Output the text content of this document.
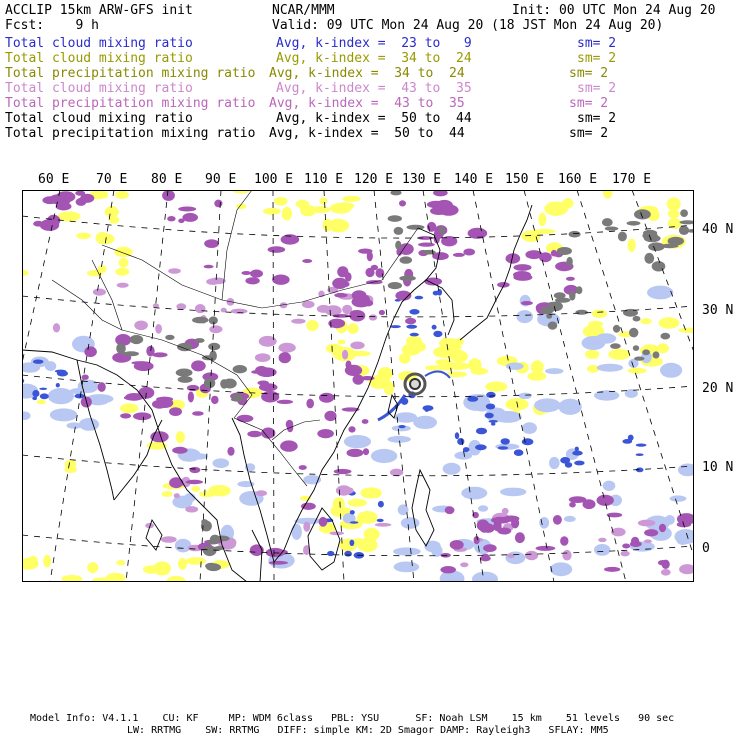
ACCLIP 15km ARW-GFS init	NCAR/MMM	Init: 00 UTC Mon 24 Aug 20
Fcst:    9 h	Valid: 09 UTC Mon 24 Aug 20 (18 JST Mon 24 Aug 20)
Total cloud mixing ratio	Avg, k-index =  23 to   9	sm= 2
Total cloud mixing ratio	Avg, k-index =  34 to  24	sm= 2
Total precipitation mixing ratio Avg, k-index =  34 to  24	sm= 2
Total cloud mixing ratio	Avg, k-index =  43 to  35	sm= 2
Total precipitation mixing ratio Avg, k-index =  43 to  35	sm= 2
Total cloud mixing ratio	Avg, k-index =  50 to  44	sm= 2
Total precipitation mixing ratio Avg, k-index =  50 to  44	sm= 2
60 E 70 E 80 E 90 E 100 E 110 E 120 E 130 E 140 E 150 E 160 E 170 E
40 N
30 N
20 N
10 N
0
Model Info: V4.1.1    CU: KF     MP: WDM 6class   PBL: YSU      SF: Noah LSM    15 km    51 levels   90 sec
LW: RRTMG    SW: RRTMG   DIFF: simple KM: 2D Smagor DAMP: Rayleigh3   SFLAY: MM5
